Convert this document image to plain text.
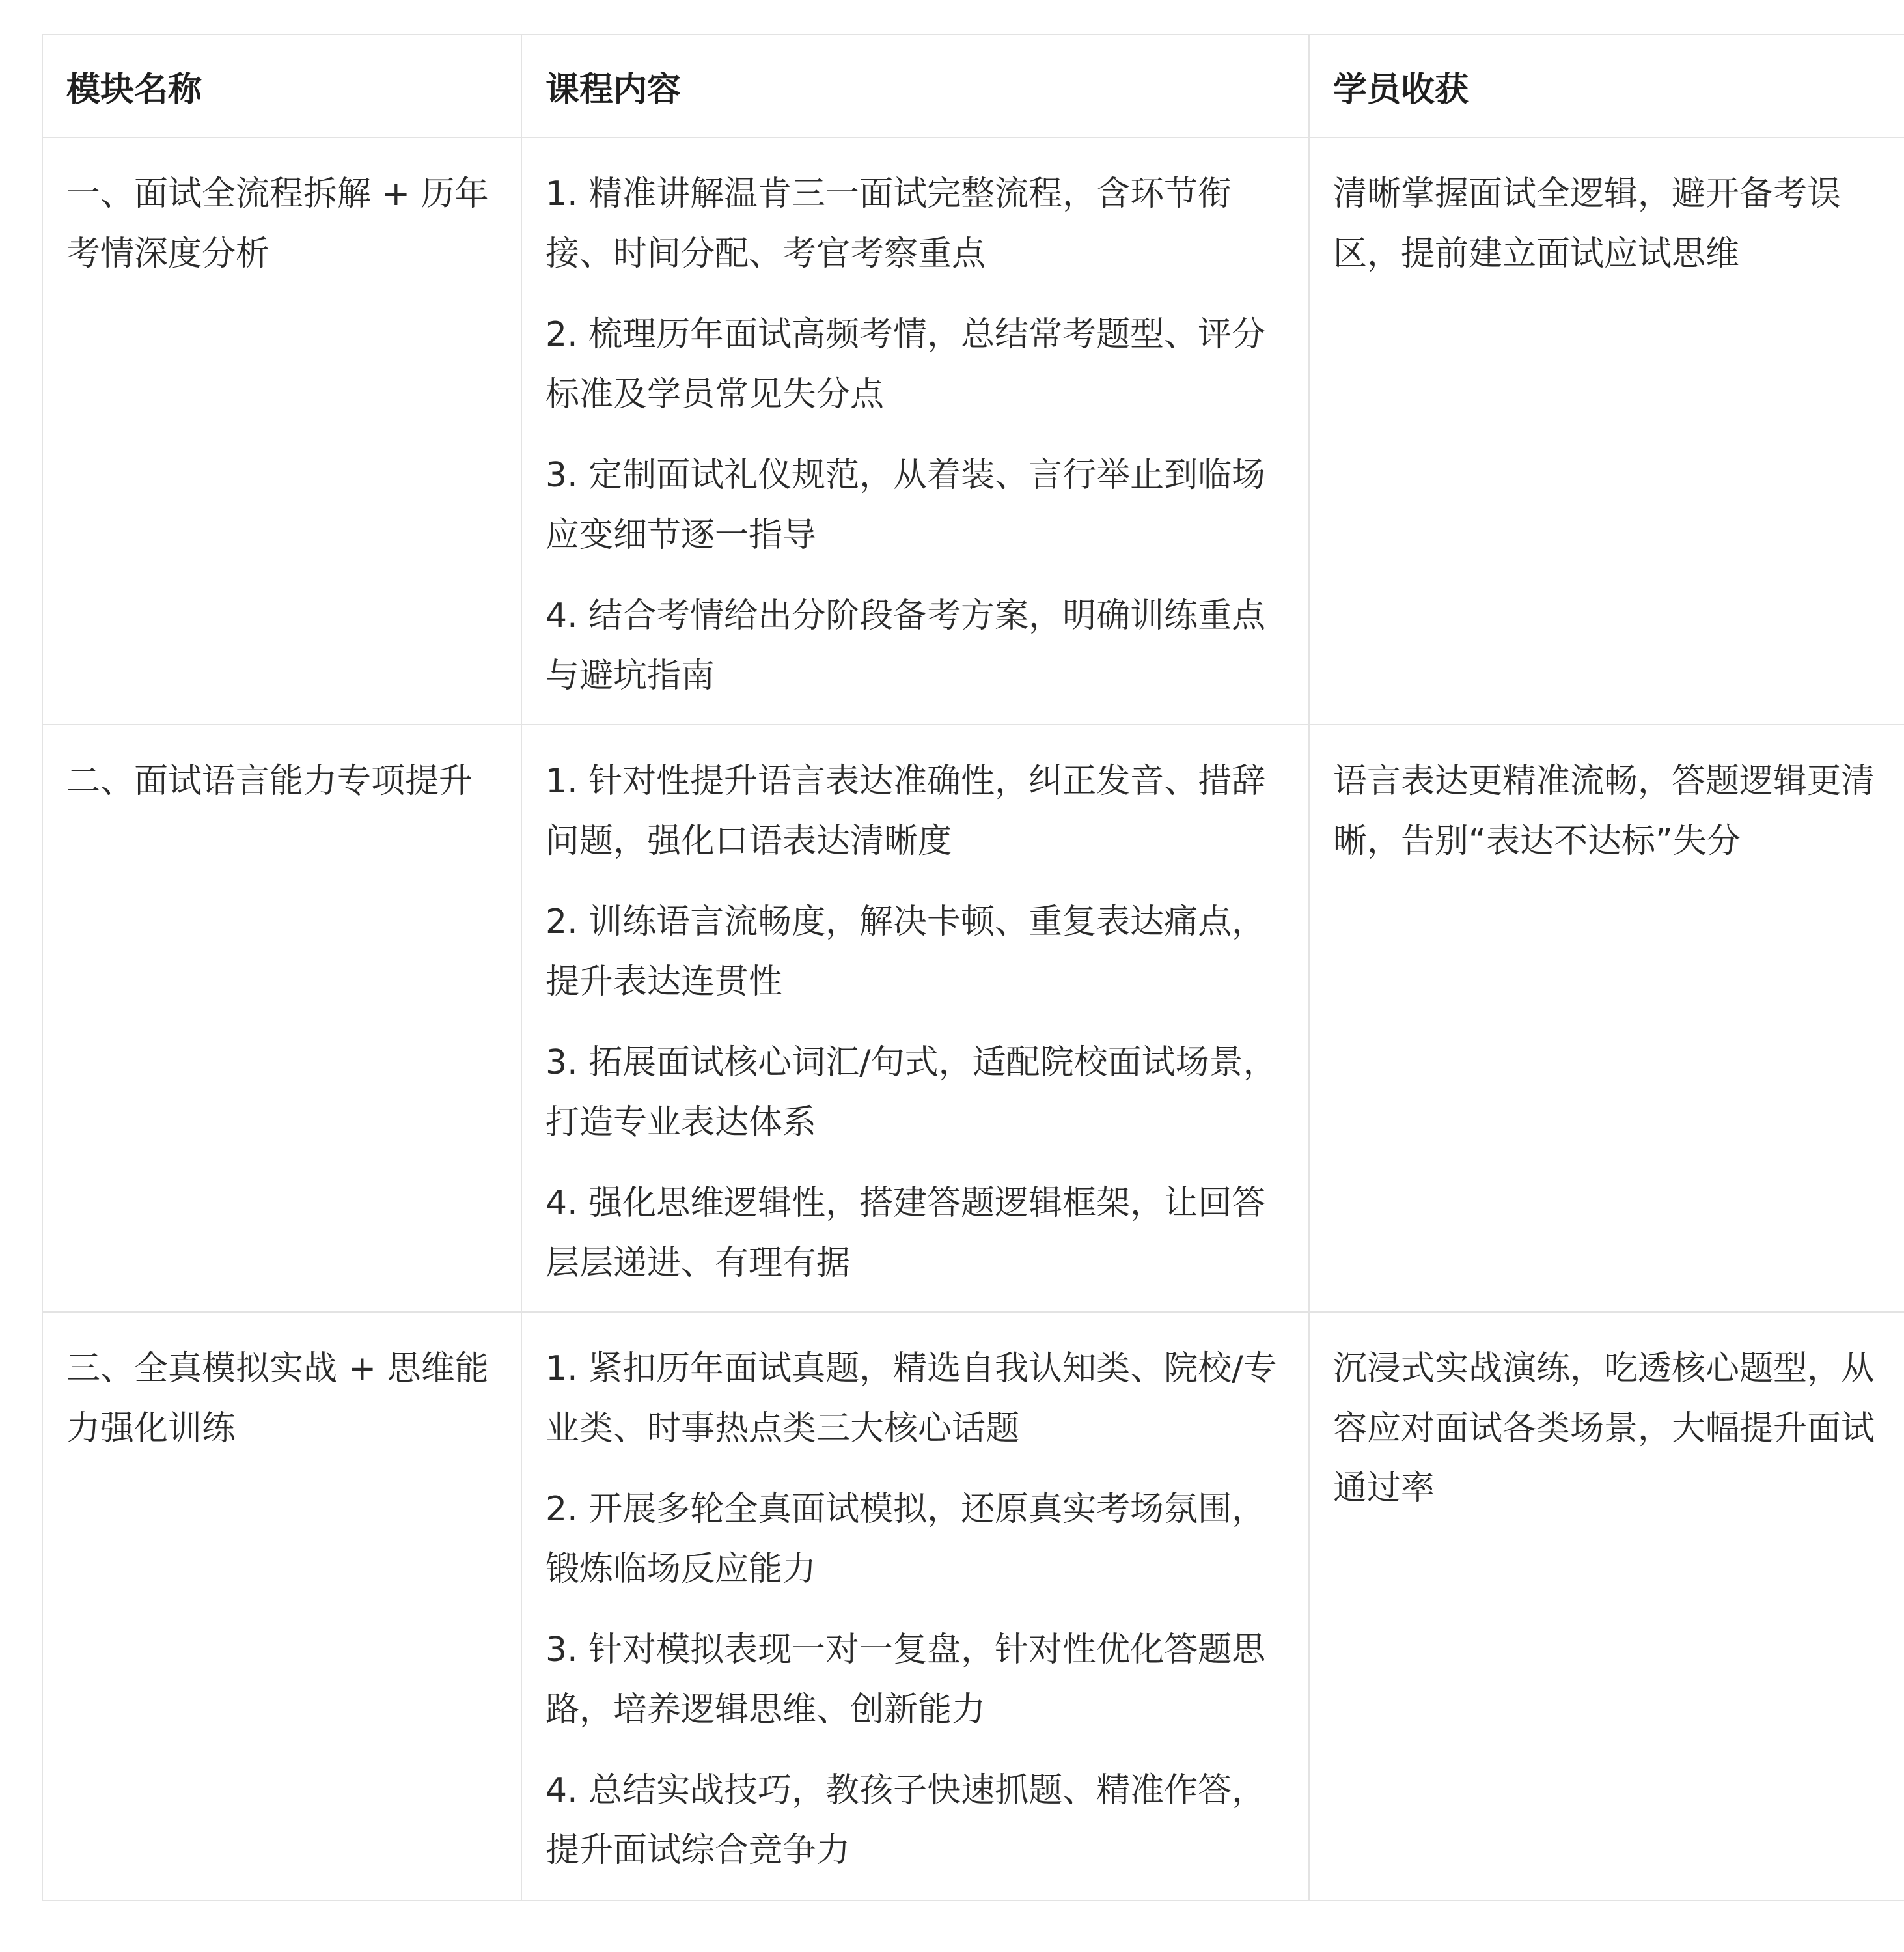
模块名称	课程内容	学员收获

一、面试全流程拆解 + 历年考情深度分析	1. 精准讲解温肯三一面试完整流程，含环节衔接、时间分配、考官考察重点
2. 梳理历年面试高频考情，总结常考题型、评分标准及学员常见失分点
3. 定制面试礼仪规范，从着装、言行举止到临场应变细节逐一指导
4. 结合考情给出分阶段备考方案，明确训练重点与避坑指南	清晰掌握面试全逻辑，避开备考误区，提前建立面试应试思维

二、面试语言能力专项提升	1. 针对性提升语言表达准确性，纠正发音、措辞问题，强化口语表达清晰度
2. 训练语言流畅度，解决卡顿、重复表达痛点，提升表达连贯性
3. 拓展面试核心词汇/句式，适配院校面试场景，打造专业表达体系
4. 强化思维逻辑性，搭建答题逻辑框架，让回答层层递进、有理有据	语言表达更精准流畅，答题逻辑更清晰，告别“表达不达标”失分

三、全真模拟实战 + 思维能力强化训练	1. 紧扣历年面试真题，精选自我认知类、院校/专业类、时事热点类三大核心话题
2. 开展多轮全真面试模拟，还原真实考场氛围，锻炼临场反应能力
3. 针对模拟表现一对一复盘，针对性优化答题思路，培养逻辑思维、创新能力
4. 总结实战技巧，教孩子快速抓题、精准作答，提升面试综合竞争力	沉浸式实战演练，吃透核心题型，从容应对面试各类场景，大幅提升面试通过率
